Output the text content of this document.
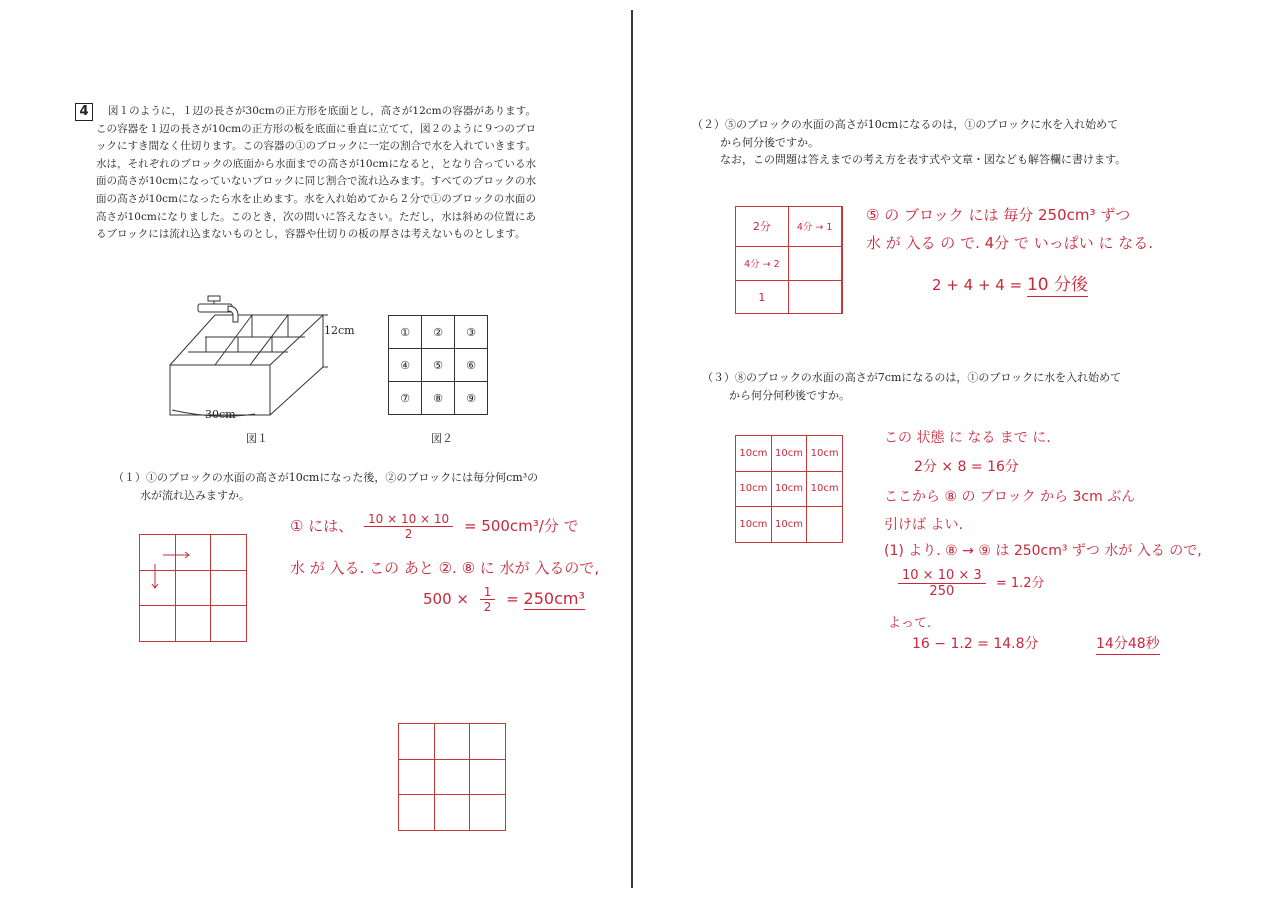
4	図１のように，１辺の長さが30cmの正方形を底面とし，高さが12cmの容器があります。この容器を１辺の長さが10cmの正方形の板を底面に垂直に立てて，図２のように９つのブロックにすき間なく仕切ります。この容器の①のブロックに一定の割合で水を入れていきます。水は，それぞれのブロックの底面から水面までの高さが10cmになると，となり合っている水面の高さが10cmになっていないブロックに同じ割合で流れ込みます。すべてのブロックの水面の高さが10cmになったら水を止めます。水を入れ始めてから２分で①のブロックの水面の高さが10cmになりました。このとき，次の問いに答えなさい。ただし，水は斜めの位置にあるブロックには流れ込まないものとし，容器や仕切りの板の厚さは考えないものとします。

12cm
30cm
図１
①	②	③
④	⑤	⑥
⑦	⑧	⑨
図２

（１）①のブロックの水面の高さが10cmになった後，②のブロックには毎分何cm³の
水が流れ込みますか。

① には、 $\frac{10 \times 10 \times 10}{2} = 500cm^3/$分 で
水 が 入る. この あと ②. ⑧ に 水が 入るので,
$500 \times \frac{1}{2} = 250cm^3$

（２）⑤のブロックの水面の高さが10cmになるのは，①のブロックに水を入れ始めて
から何分後ですか。
なお，この問題は答えまでの考え方を表す式や文章・図なども解答欄に書けます。

2分	4分 → 1	
4分 → 2		
1		
⑤ の ブロック には 毎分 250cm³ ずつ
水 が 入る の で. 4分 で いっぱい に なる.
2 + 4 + 4 = 10 分後

（３）⑧のブロックの水面の高さが7cmになるのは，①のブロックに水を入れ始めて
から何分何秒後ですか。

10cm	10cm	10cm
10cm	10cm	10cm
10cm	10cm	
この 状態 に なる まで に.
2分 × 8 = 16分
ここから ⑧ の ブロック から 3cm ぶん
引けば よい.
(1) より. ⑧ → ⑨ は 250cm³ ずつ 水が 入る ので,
$\frac{10 \times 10 \times 3}{250} = 1.2$分
よって.
16 − 1.2 = 14.8分	14分48秒
